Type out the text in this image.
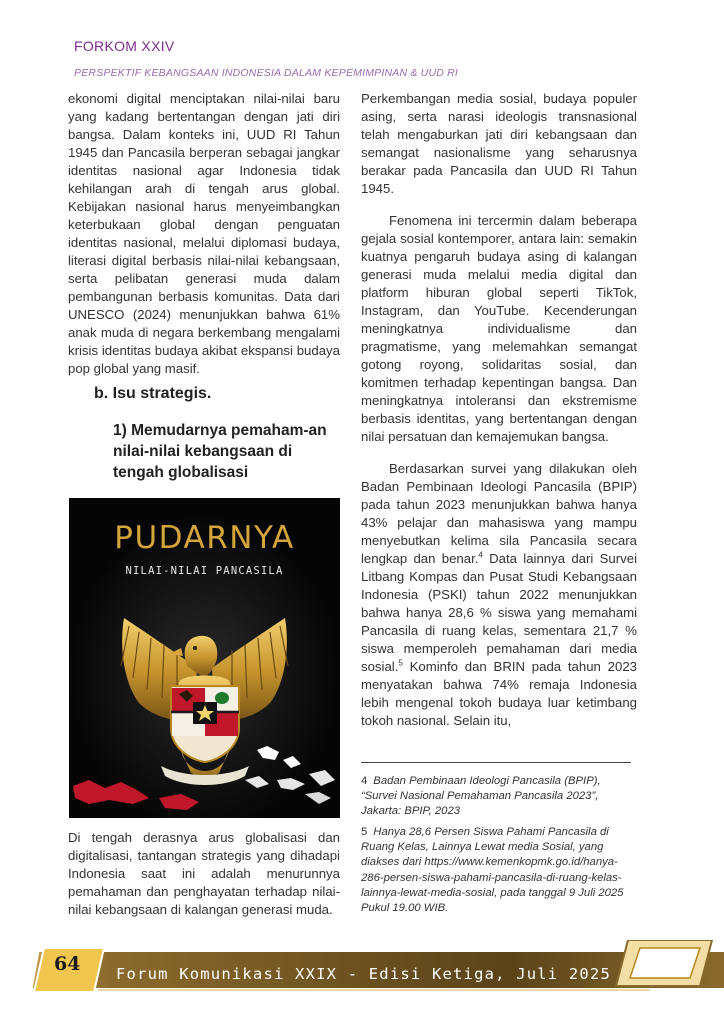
FORKOM XXIV
PERSPEKTIF KEBANGSAAN INDONESIA DALAM KEPEMIMPINAN & UUD RI

ekonomi digital menciptakan nilai-nilai baru yang kadang bertentangan dengan jati diri bangsa. Dalam konteks ini, UUD RI Tahun 1945 dan Pancasila berperan sebagai jangkar identitas nasional agar Indonesia tidak kehilangan arah di tengah arus global. Kebijakan nasional harus menyeimbangkan keterbukaan global dengan penguatan identitas nasional, melalui diplomasi budaya, literasi digital berbasis nilai-nilai kebangsaan, serta pelibatan generasi muda dalam pembangunan berbasis komunitas. Data dari UNESCO (2024) menunjukkan bahwa 61% anak muda di negara berkembang mengalami krisis identitas budaya akibat ekspansi budaya pop global yang masif.

b. Isu strategis.
1) Memudarnya pemaham-an nilai-nilai kebangsaan di tengah globalisasi
PUDARNYA
NILAI-NILAI PANCASILA
Di tengah derasnya arus globalisasi dan digitalisasi, tantangan strategis yang dihadapi Indonesia saat ini adalah menurunnya pemahaman dan penghayatan terhadap nilai-nilai kebangsaan di kalangan generasi muda.

Perkembangan media sosial, budaya populer asing, serta narasi ideologis transnasional telah mengaburkan jati diri kebangsaan dan semangat nasionalisme yang seharusnya berakar pada Pancasila dan UUD RI Tahun 1945.

Fenomena ini tercermin dalam beberapa gejala sosial kontemporer, antara lain: semakin kuatnya pengaruh budaya asing di kalangan generasi muda melalui media digital dan platform hiburan global seperti TikTok, Instagram, dan YouTube. Kecenderungan meningkatnya individualisme dan pragmatisme, yang melemahkan semangat gotong royong, solidaritas sosial, dan komitmen terhadap kepentingan bangsa. Dan meningkatnya intoleransi dan ekstremisme berbasis identitas, yang bertentangan dengan nilai persatuan dan kemajemukan bangsa.

Berdasarkan survei yang dilakukan oleh Badan Pembinaan Ideologi Pancasila (BPIP) pada tahun 2023 menunjukkan bahwa hanya 43% pelajar dan mahasiswa yang mampu menyebutkan kelima sila Pancasila secara lengkap dan benar.$^4$ Data lainnya dari Survei Litbang Kompas dan Pusat Studi Kebangsaan Indonesia (PSKI) tahun 2022 menunjukkan bahwa hanya 28,6 % siswa yang memahami Pancasila di ruang kelas, sementara 21,7 % siswa memperoleh pemahaman dari media sosial.$^5$ Kominfo dan BRIN pada tahun 2023 menyatakan bahwa 74% remaja Indonesia lebih mengenal tokoh budaya luar ketimbang tokoh nasional. Selain itu,

4 Badan Pembinaan Ideologi Pancasila (BPIP), “Survei Nasional Pemahaman Pancasila 2023”, Jakarta: BPIP, 2023
5 Hanya 28,6 Persen Siswa Pahami Pancasila di Ruang Kelas, Lainnya Lewat media Sosial, yang diakses dari https://www.kemenkopmk.go.id/hanya-286-persen-siswa-pahami-pancasila-di-ruang-kelas-lainnya-lewat-media-sosial, pada tanggal 9 Juli 2025 Pukul 19.00 WIB.
64 Forum Komunikasi XXIX - Edisi Ketiga, Juli 2025
